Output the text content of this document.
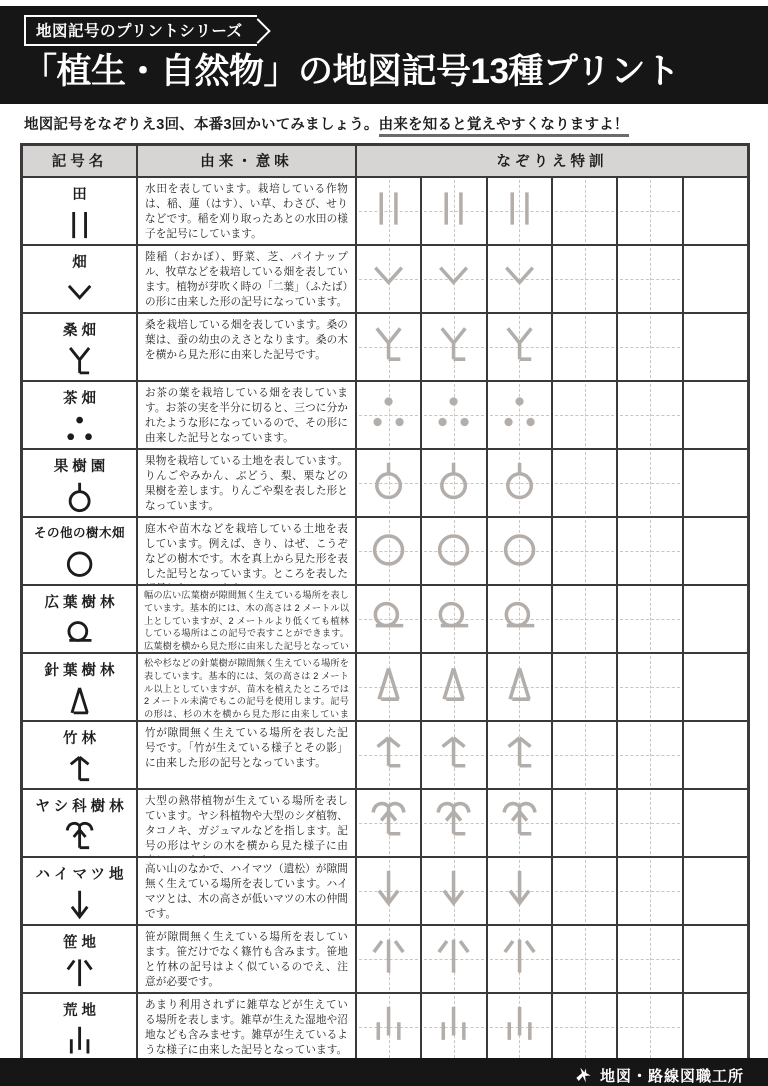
地図記号のプリントシリーズ
「植生・自然物」の地図記号13種プリント
地図記号をなぞりえ3回、本番3回かいてみましょう。由来を知ると覚えやすくなりますよ！
記号名	由来・意味	なぞりえ特訓
田	水田を表しています。栽培している作物は、稲、蓮（はす）、い草、わさび、せりなどです。稲を刈り取ったあとの水田の様子を記号にしています。
畑	陸稲（おかぼ）、野菜、芝、パイナップル、牧草などを栽培している畑を表しています。植物が芽吹く時の「二葉」（ふたば）の形に由来した形の記号になっています。
桑畑	桑を栽培している畑を表しています。桑の葉は、蚕の幼虫のえさとなります。桑の木を横から見た形に由来した記号です。
茶畑	お茶の葉を栽培している畑を表しています。お茶の実を半分に切ると、三つに分かれたような形になっているので、その形に由来した記号となっています。
果樹園	果物を栽培している土地を表しています。りんごやみかん、ぶどう、梨、栗などの果樹を差します。りんごや梨を表した形となっています。
その他の樹木畑	庭木や苗木などを栽培している土地を表しています。例えば、きり、はぜ、こうぞなどの樹木です。木を真上から見た形を表した記号となっています。ところを表した
広葉樹林	幅の広い広葉樹が隙間無く生えている場所を表しています。基本的には、木の高さは 2 メートル以上としていますが、2 メートルより低くても植林している場所はこの記号で表すことができます。広葉樹を横から見た形に由来した記号となってい
針葉樹林	松や杉などの針葉樹が隙間無く生えている場所を表しています。基本的には、気の高さは 2 メートル以上としていますが、苗木を植えたところでは 2 メートル未満でもこの記号を使用します。記号の形は、杉の木を横から見た形に由来していま
竹林	竹が隙間無く生えている場所を表した記号です。「竹が生えている様子とその影」に由来した形の記号となっています。
ヤシ科樹林	大型の熱帯植物が生えている場所を表しています。ヤシ科植物や大型のシダ植物、タコノキ、ガジュマルなどを指します。記号の形はヤシの木を横から見た様子に由
ハイマツ地	高い山のなかで、ハイマツ（遺松）が隙間無く生えている場所を表しています。ハイマツとは、木の高さが低いマツの木の仲間です。
笹地	笹が隙間無く生えている場所を表しています。笹だけでなく篠竹も含みます。笹地と竹林の記号はよく似ているのでえ、注意が必要です。
荒地	あまり利用されずに雑草などが生えている場所を表します。雑草が生えた湿地や沼地なども含みませす。雑草が生えているような様子に由来した記号となっています。
地図・路線図職工所
